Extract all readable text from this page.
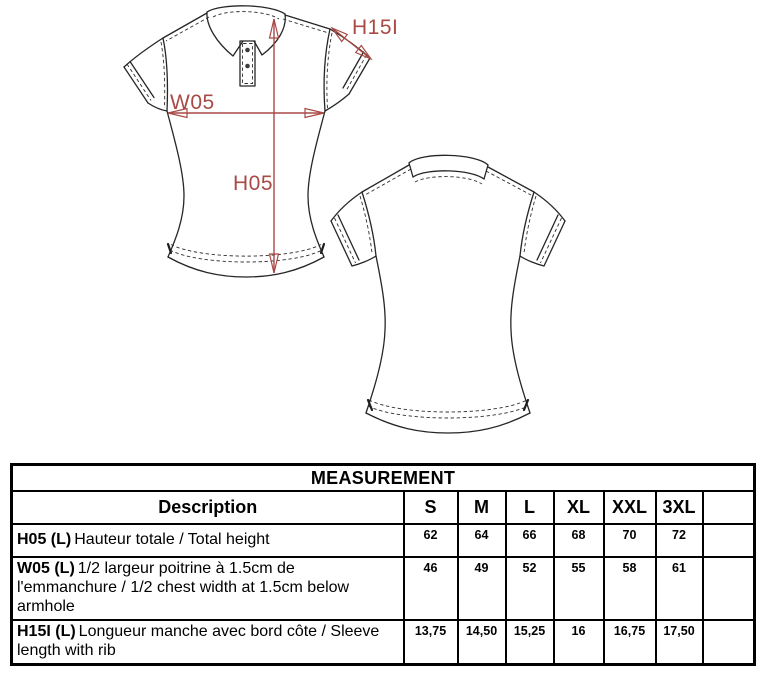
W05
H05
H15I
MEASUREMENT							
Description	S	M	L	XL	XXL	3XL	
H05 (L) Hauteur totale / Total height	62	64	66	68	70	72	
W05 (L) 1/2 largeur poitrine à 1.5cm de l'emmanchure / 1/2 chest width at 1.5cm below armhole	46	49	52	55	58	61	
H15I (L) Longueur manche avec bord côte / Sleeve length with rib	13,75	14,50	15,25	16	16,75	17,50	
